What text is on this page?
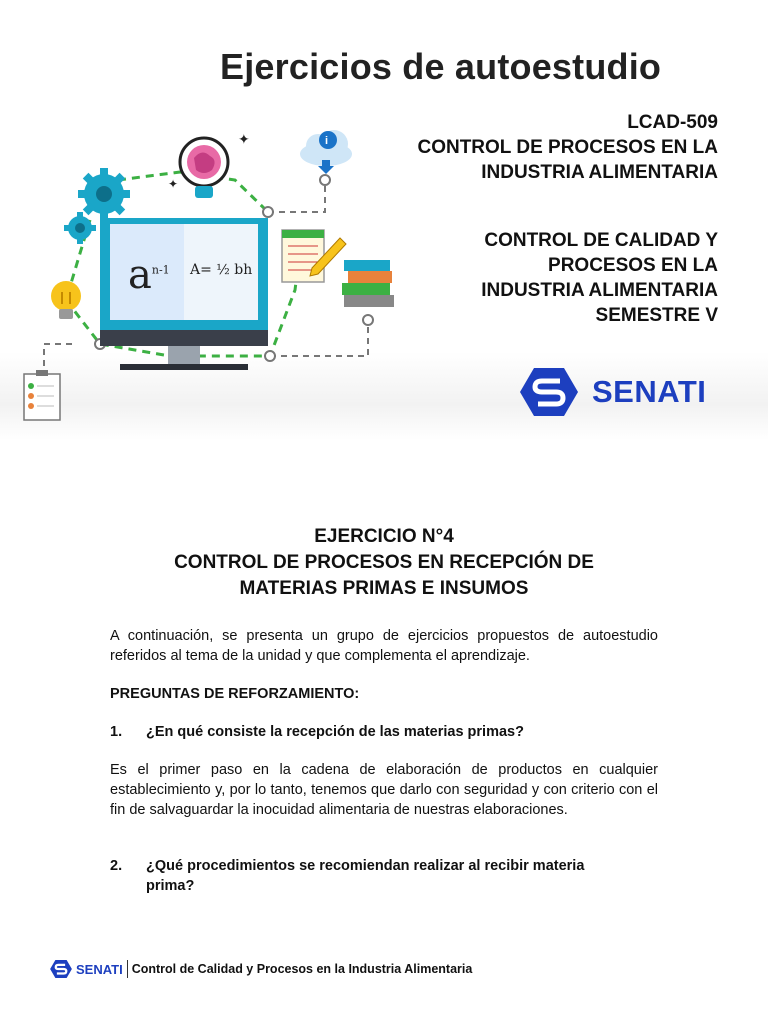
✦
✦
i
$a^{n-1}$ A= ½ bh
Ejercicios de autoestudio
LCAD-509
CONTROL DE PROCESOS EN LA
INDUSTRIA ALIMENTARIA
CONTROL DE CALIDAD Y
PROCESOS EN LA
INDUSTRIA ALIMENTARIA
SEMESTRE V
SENATI
EJERCICIO N°4
CONTROL DE PROCESOS EN RECEPCIÓN DE
MATERIAS PRIMAS E INSUMOS
A continuación, se presenta un grupo de ejercicios propuestos de autoestudio referidos al tema de la unidad y que complementa el aprendizaje.
PREGUNTAS DE REFORZAMIENTO:
1.	¿En qué consiste la recepción de las materias primas?
Es el primer paso en la cadena de elaboración de productos en cualquier establecimiento y, por lo tanto, tenemos que darlo con seguridad y con criterio con el fin de salvaguardar la inocuidad alimentaria de nuestras elaboraciones.
2.	¿Qué procedimientos se recomiendan realizar al recibir materia prima?
SENATI Control de Calidad y Procesos en la Industria Alimentaria
